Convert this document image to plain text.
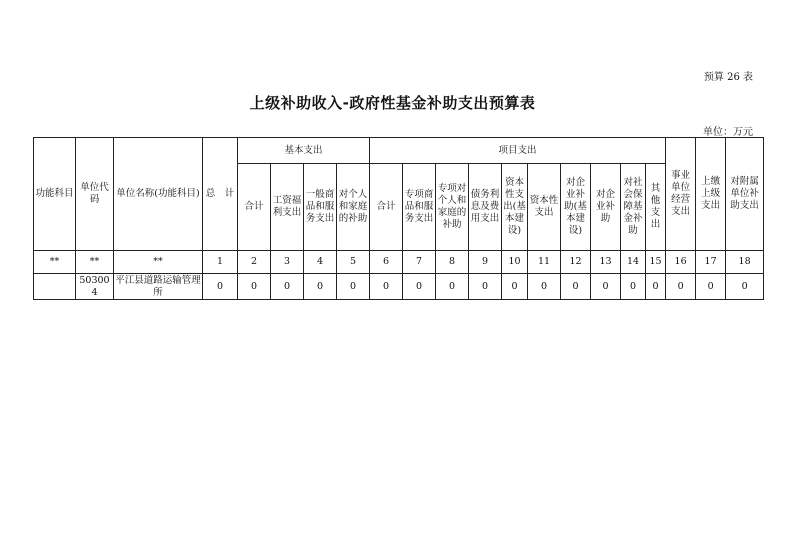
预算 26 表
上级补助收入-政府性基金补助支出预算表
单位：万元
功能科目	单位代码	单位名称(功能科目)	总　计	基本支出				项目支出										事业单位经营支出	上缴上级支出	对附属单位补助支出
				合计	工资福利支出	一般商品和服务支出	对个人和家庭的补助	合计	专项商品和服务支出	专项对个人和家庭的补助	债务利息及费用支出	资本性支出(基本建设)	资本性支出	对企业补助(基本建设)	对企业补助	对社会保障基金补助	其他支出			
**	**	**	1	2	3	4	5	6	7	8	9	10	11	12	13	14	15	16	17	18
	503004	平江县道路运输管理所	0	0	0	0	0	0	0	0	0	0	0	0	0	0	0	0	0	0
